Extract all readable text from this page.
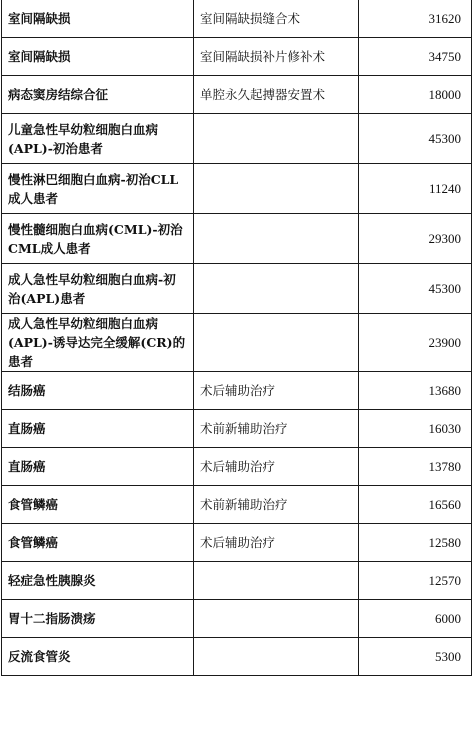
室间隔缺损	室间隔缺损缝合术	31620
室间隔缺损	室间隔缺损补片修补术	34750
病态窦房结综合征	单腔永久起搏器安置术	18000
儿童急性早幼粒细胞白血病(APL)-初治患者		45300
慢性淋巴细胞白血病-初治CLL成人患者		11240
慢性髓细胞白血病(CML)-初治CML成人患者		29300
成人急性早幼粒细胞白血病-初治(APL)患者		45300
成人急性早幼粒细胞白血病(APL)-诱导达完全缓解(CR)的患者		23900
结肠癌	术后辅助治疗	13680
直肠癌	术前新辅助治疗	16030
直肠癌	术后辅助治疗	13780
食管鳞癌	术前新辅助治疗	16560
食管鳞癌	术后辅助治疗	12580
轻症急性胰腺炎		12570
胃十二指肠溃疡		6000
反流食管炎		5300
